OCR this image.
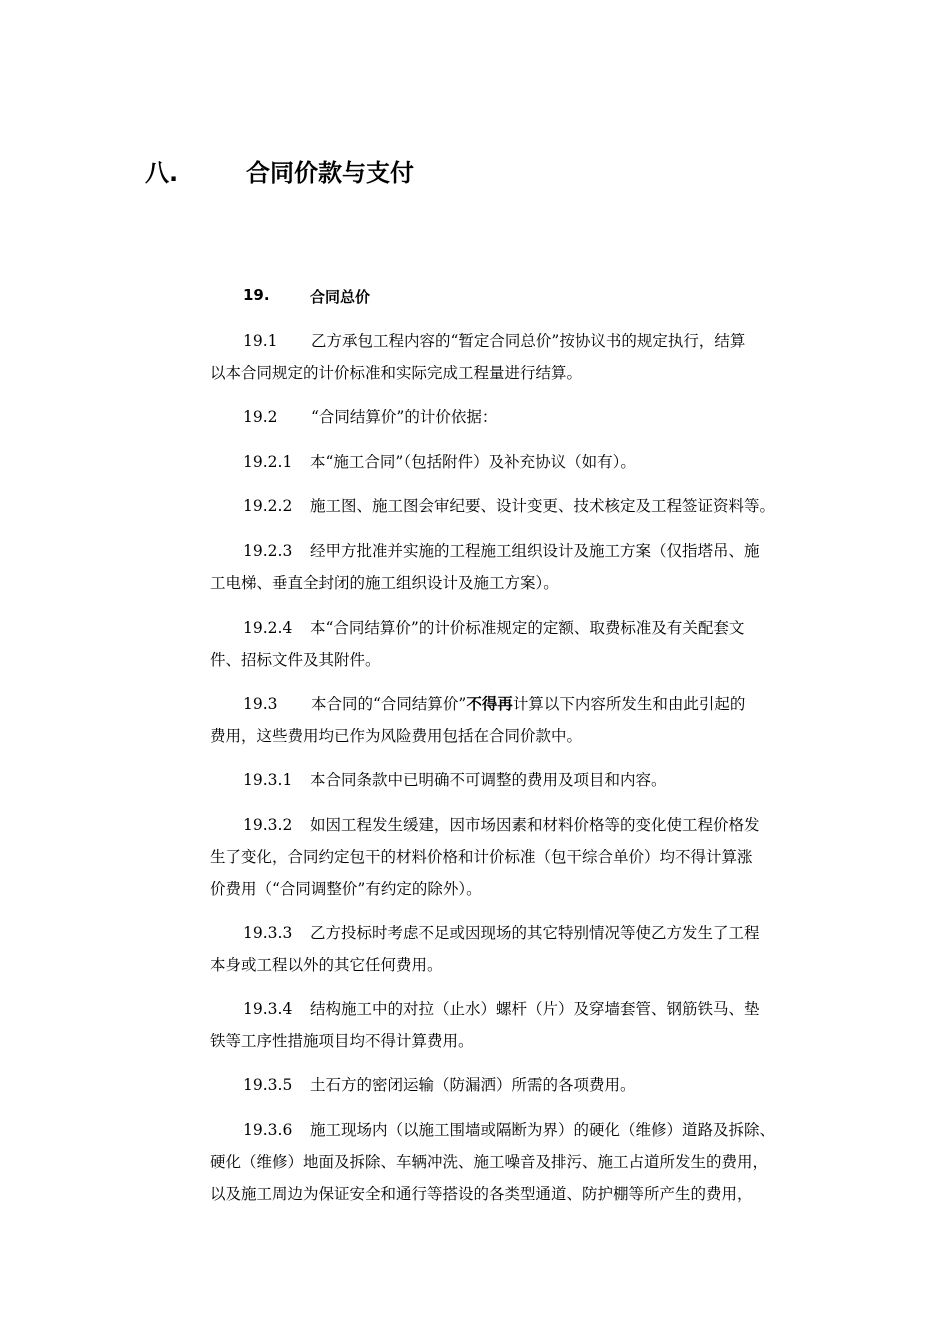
八.	合同价款与支付
19.	合同总价
19.1 乙方承包工程内容的“暂定合同总价”按协议书的规定执行，结算
以本合同规定的计价标准和实际完成工程量进行结算。
19.2 “合同结算价”的计价依据：
19.2.1 本“施工合同”（包括附件）及补充协议（如有）。
19.2.2 施工图、施工图会审纪要、设计变更、技术核定及工程签证资料等。
19.2.3 经甲方批准并实施的工程施工组织设计及施工方案（仅指塔吊、施
工电梯、垂直全封闭的施工组织设计及施工方案）。
19.2.4 本“合同结算价”的计价标准规定的定额、取费标准及有关配套文
件、招标文件及其附件。
19.3 本合同的“合同结算价”不得再计算以下内容所发生和由此引起的
费用，这些费用均已作为风险费用包括在合同价款中。
19.3.1 本合同条款中已明确不可调整的费用及项目和内容。
19.3.2 如因工程发生缓建，因市场因素和材料价格等的变化使工程价格发
生了变化，合同约定包干的材料价格和计价标准（包干综合单价）均不得计算涨
价费用（“合同调整价”有约定的除外）。
19.3.3 乙方投标时考虑不足或因现场的其它特别情况等使乙方发生了工程
本身或工程以外的其它任何费用。
19.3.4 结构施工中的对拉（止水）螺杆（片）及穿墙套管、钢筋铁马、垫
铁等工序性措施项目均不得计算费用。
19.3.5 土石方的密闭运输（防漏洒）所需的各项费用。
19.3.6 施工现场内（以施工围墙或隔断为界）的硬化（维修）道路及拆除、
硬化（维修）地面及拆除、车辆冲洗、施工噪音及排污、施工占道所发生的费用，
以及施工周边为保证安全和通行等搭设的各类型通道、防护棚等所产生的费用，
